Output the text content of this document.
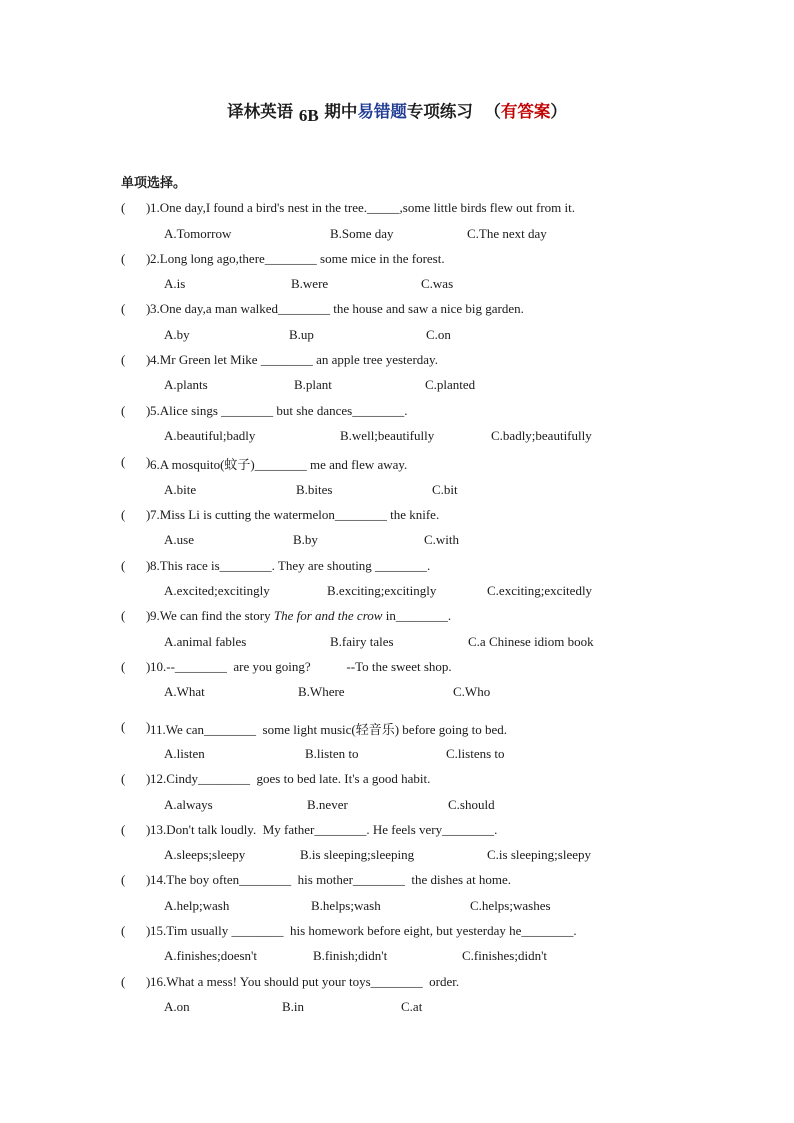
译林英语 6B 期中易错题专项练习 （有答案）
单项选择。
( ) 1.One day,I found a bird's nest in the tree._____,some little birds flew out from it.
A.Tomorrow	B.Some day	C.The next day
( ) 2.Long long ago,there________ some mice in the forest.
A.is	B.were	C.was
( ) 3.One day,a man walked________ the house and saw a nice big garden.
A.by	B.up	C.on
( ) 4.Mr Green let Mike ________ an apple tree yesterday.
A.plants	B.plant	C.planted
( ) 5.Alice sings ________ but she dances________.
A.beautiful;badly	B.well;beautifully	C.badly;beautifully
( ) 6.A mosquito(蚊子)________ me and flew away.
A.bite	B.bites	C.bit
( ) 7.Miss Li is cutting the watermelon________ the knife.
A.use	B.by	C.with
( ) 8.This race is________. They are shouting ________.
A.excited;excitingly	B.exciting;excitingly	C.exciting;excitedly
( ) 9.We can find the story The for and the crow in________.
A.animal fables	B.fairy tales	C.a Chinese idiom book
( ) 10.--________  are you going?           --To the sweet shop.
A.What	B.Where	C.Who
( ) 11.We can________  some light music(轻音乐) before going to bed.
A.listen	B.listen to	C.listens to
( ) 12.Cindy________  goes to bed late. It's a good habit.
A.always	B.never	C.should
( ) 13.Don't talk loudly.  My father________. He feels very________.
A.sleeps;sleepy	B.is sleeping;sleeping	C.is sleeping;sleepy
( ) 14.The boy often________  his mother________  the dishes at home.
A.help;wash	B.helps;wash	C.helps;washes
( ) 15.Tim usually ________  his homework before eight, but yesterday he________.
A.finishes;doesn't	B.finish;didn't	C.finishes;didn't
( ) 16.What a mess! You should put your toys________  order.
A.on	B.in	C.at
